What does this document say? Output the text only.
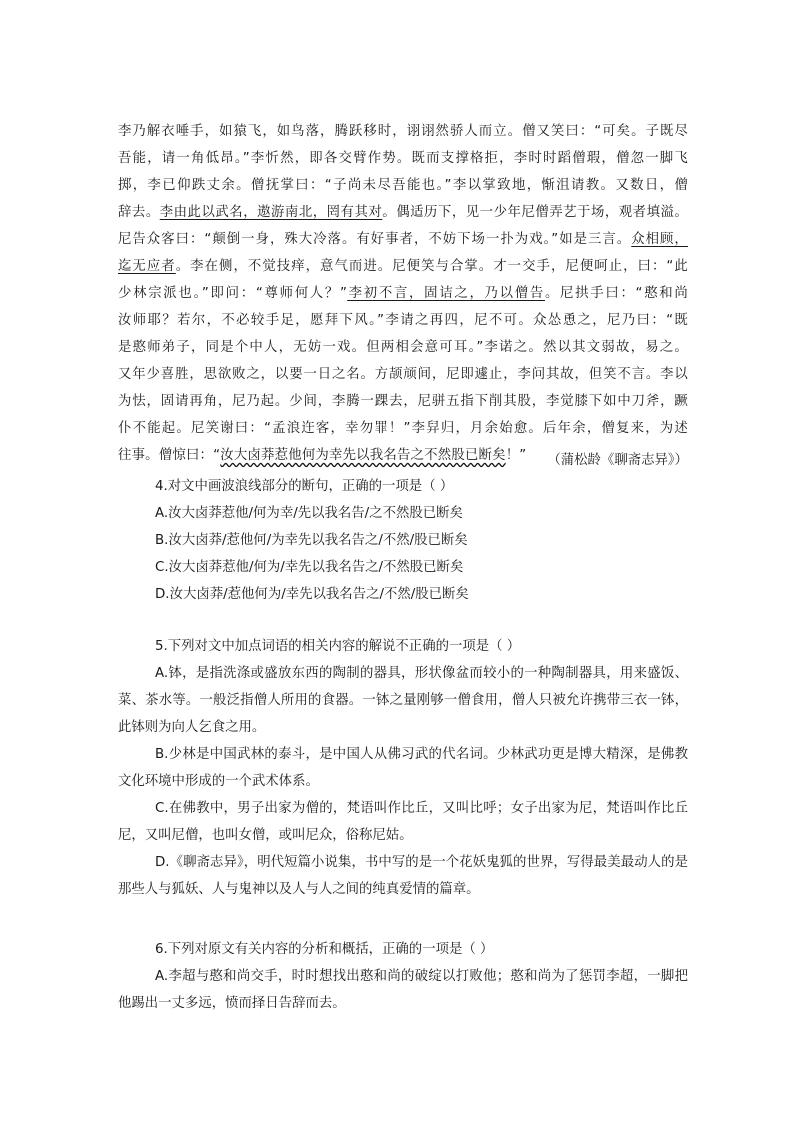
李乃解衣唾手，如猿飞，如鸟落，腾跃移时，诩诩然骄人而立。僧又笑曰：“可矣。子既尽

吾能，请一角低昂。”李忻然，即各交臂作势。既而支撑格拒，李时时蹈僧瑕，僧忽一脚飞

掷，李已仰跌丈余。僧抚掌曰：“子尚未尽吾能也。”李以掌致地，惭沮请教。又数日，僧

辞去。李由此以武名，遨游南北，罔有其对。偶适历下，见一少年尼僧弄艺于场，观者填溢。

尼告众客曰：“颠倒一身，殊大冷落。有好事者，不妨下场一扑为戏。”如是三言。众相顾，

迄无应者。李在侧，不觉技痒，意气而进。尼便笑与合掌。才一交手，尼便呵止，曰：“此

少林宗派也。”即问：“尊师何人？”李初不言，固诘之，乃以僧告。尼拱手曰：“憨和尚

汝师耶？若尔，不必较手足，愿拜下风。”李请之再四，尼不可。众怂恿之，尼乃曰：“既

是憨师弟子，同是个中人，无妨一戏。但两相会意可耳。”李诺之。然以其文弱故，易之。

又年少喜胜，思欲败之，以要一日之名。方颉颃间，尼即遽止，李问其故，但笑不言。李以

为怯，固请再角，尼乃起。少间，李腾一踝去，尼骈五指下削其股，李觉膝下如中刀斧，蹶

仆不能起。尼笑谢曰：“孟浪迕客，幸勿罪！”李舁归，月余始愈。后年余，僧复来，为述

往事。僧惊曰：“汝大卤莽惹他何为幸先以我名告之不然股已断矣！”	（蒲松龄《聊斋志异》）

4.对文中画波浪线部分的断句，正确的一项是（ ）

A.汝大卤莽惹他/何为幸/先以我名告/之不然股已断矣

B.汝大卤莽/惹他何/为幸先以我名告之/不然/股已断矣

C.汝大卤莽惹他/何为/幸先以我名告之/不然股已断矣

D.汝大卤莽/惹他何为/幸先以我名告之/不然/股已断矣

5.下列对文中加点词语的相关内容的解说不正确的一项是（ ）

A.钵，是指洗涤或盛放东西的陶制的器具，形状像盆而较小的一种陶制器具，用来盛饭、菜、茶水等。一般泛指僧人所用的食器。一钵之量刚够一僧食用，僧人只被允许携带三衣一钵，此钵则为向人乞食之用。

B.少林是中国武林的泰斗，是中国人从佛习武的代名词。少林武功更是博大精深，是佛教文化环境中形成的一个武术体系。

C.在佛教中，男子出家为僧的，梵语叫作比丘，又叫比呼；女子出家为尼，梵语叫作比丘尼，又叫尼僧，也叫女僧，或叫尼众，俗称尼姑。

D.《聊斋志异》，明代短篇小说集，书中写的是一个花妖鬼狐的世界，写得最美最动人的是那些人与狐妖、人与鬼神以及人与人之间的纯真爱情的篇章。

6.下列对原文有关内容的分析和概括，正确的一项是（ ）

A.李超与憨和尚交手，时时想找出憨和尚的破绽以打败他；憨和尚为了惩罚李超，一脚把他踢出一丈多远，愤而择日告辞而去。
